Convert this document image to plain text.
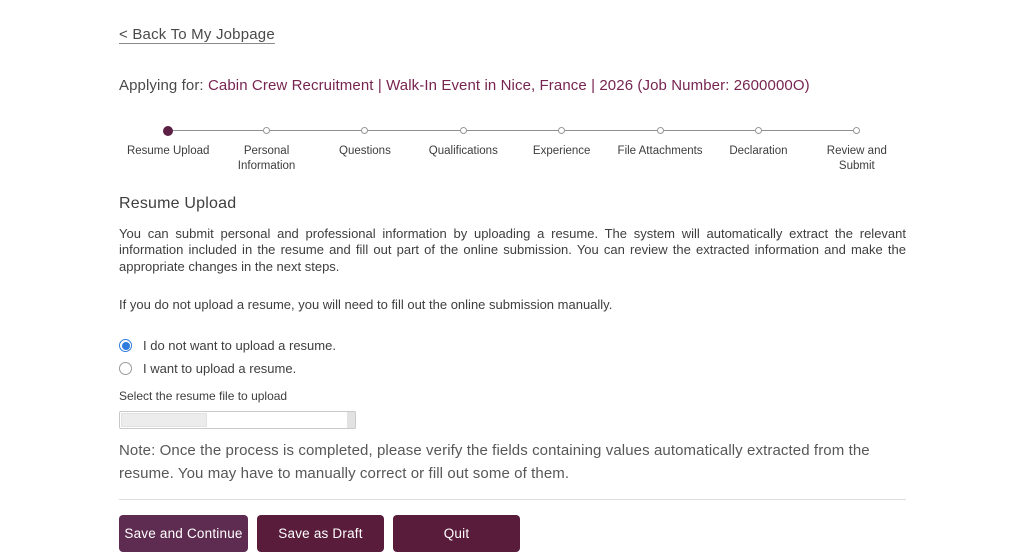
< Back To My Jobpage
Applying for: Cabin Crew Recruitment | Walk-In Event in Nice, France | 2026 (Job Number: 2600000O)
Resume Upload	Personal Information
Questions	Qualifications	Experience File Attachments Declaration	Review and Submit
Resume Upload

You can submit personal and professional information by uploading a resume. The system will automatically extract the relevant information included in the resume and fill out part of the online submission. You can review the extracted information and make the appropriate changes in the next steps.

If you do not upload a resume, you will need to fill out the online submission manually.

I do not want to upload a resume.
I want to upload a resume.
Select the resume file to upload

Note: Once the process is completed, please verify the fields containing values automatically extracted from the resume. You may have to manually correct or fill out some of them.

Save and Continue	Save as Draft	Quit
